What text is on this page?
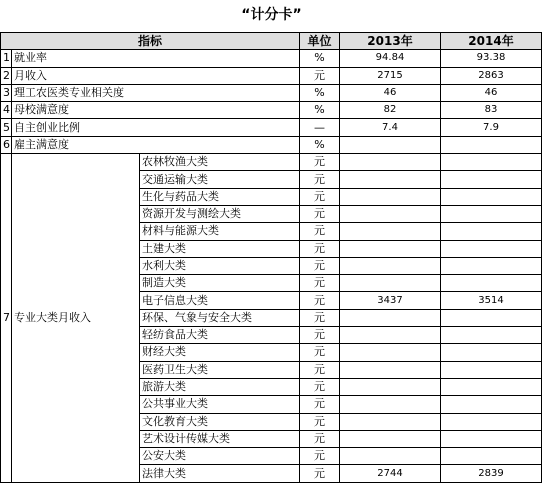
“计分卡”
指标			单位	2013年	2014年
1	就业率		%	94.84	93.38
2	月收入		元	2715	2863
3	理工农医类专业相关度		%	46	46
4	母校满意度		%	82	83
5	自主创业比例		—	7.4	7.9
6	雇主满意度		%		
7	专业大类月收入	农林牧渔大类	元		
		交通运输大类	元		
		生化与药品大类	元		
		资源开发与测绘大类	元		
		材料与能源大类	元		
		土建大类	元		
		水利大类	元		
		制造大类	元		
		电子信息大类	元	3437	3514
		环保、气象与安全大类	元		
		轻纺食品大类	元		
		财经大类	元		
		医药卫生大类	元		
		旅游大类	元		
		公共事业大类	元		
		文化教育大类	元		
		艺术设计传媒大类	元		
		公安大类	元		
		法律大类	元	2744	2839
